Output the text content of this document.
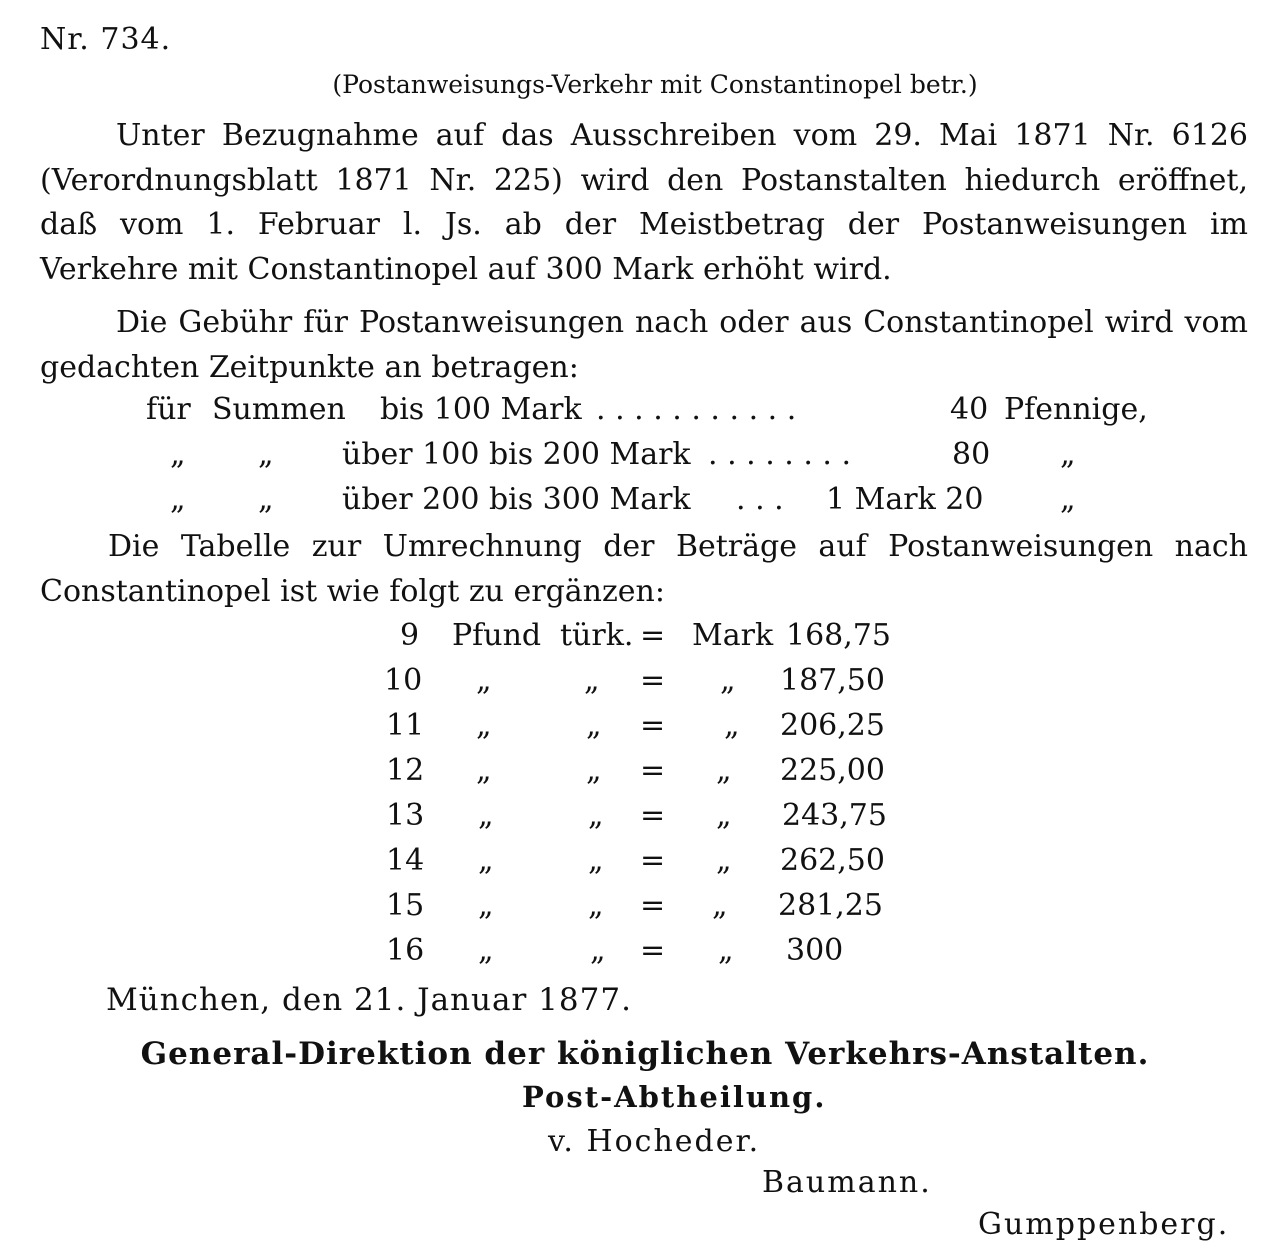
Nr. 734.
(Postanweisungs-Verkehr mit Constantinopel betr.)
Unter Bezugnahme auf das Ausschreiben vom 29. Mai 1871 Nr. 6126 (Verordnungsblatt 1871 Nr. 225) wird den Postanstalten hiedurch eröffnet, daß vom 1. Februar l. Js. ab der Meistbetrag der Postanweisungen im Verkehre mit Constantinopel auf 300 Mark erhöht wird.
Die Gebühr für Postanweisungen nach oder aus Constantinopel wird vom gedachten Zeitpunkte an betragen:
für Summen bis 100 Mark . . . . . . . . . . .	40 Pfennige,
„ „ über 100 bis 200 Mark . . . . . . . .	80 „
„ „ über 200 bis 300 Mark . . . 1 Mark 20	„
Die Tabelle zur Umrechnung der Beträge auf Postanweisungen nach Constantinopel ist wie folgt zu ergänzen:
9 Pfund türk. = Mark 168,75
10 „	„ = „ 187,50
11 „	„ = „ 206,25
12 „	„ = „ 225,00
13 „	„ = „ 243,75
14 „	„ = „ 262,50
15 „	„ = „ 281,25
16 „	„ = „ 300
München, den 21. Januar 1877.
General-Direktion der königlichen Verkehrs-Anstalten.
Post-Abtheilung.
v. Hocheder.
Baumann.
Gumppenberg.
